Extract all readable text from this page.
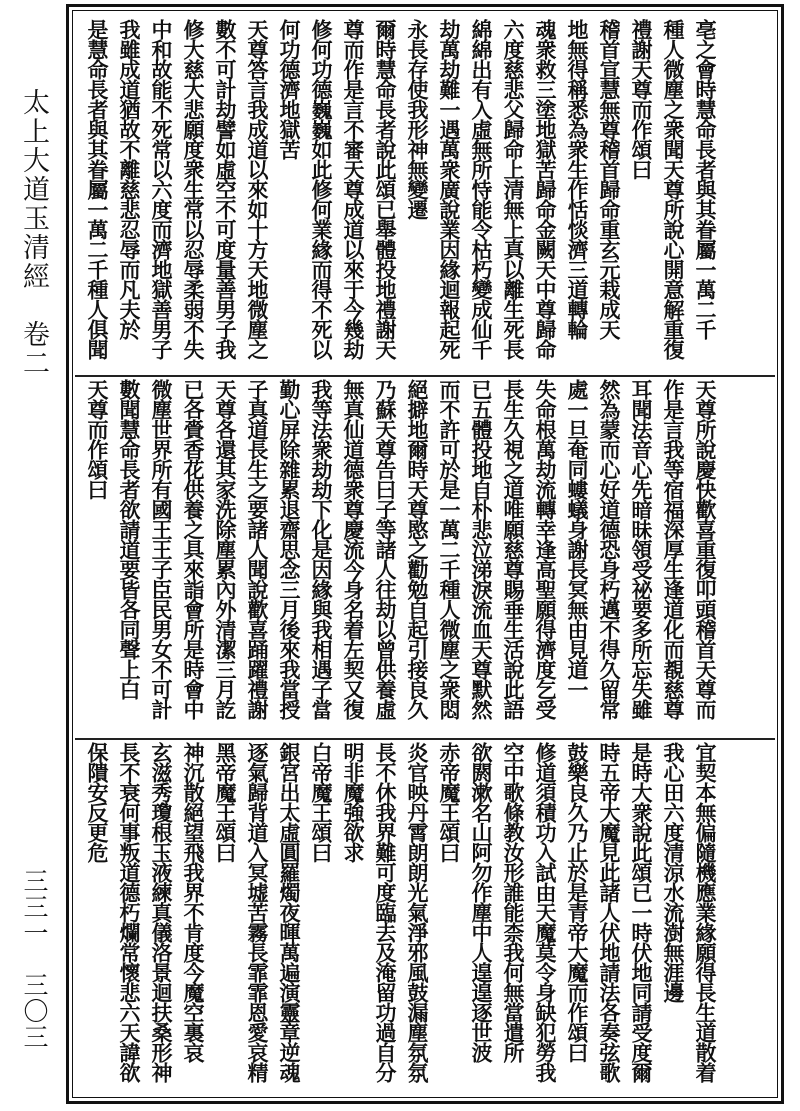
太上大道玉清經　卷二
三三一　三〇三
亳之會時慧命長者與其眷屬一萬二千
種人微塵之衆聞天尊所說心開意解重復
禮謝天尊而作頌曰
稽首宣慧無尊稽首歸命重玄元栽成天
地無得稱悉為衆生作恬惔濟三道轉輪
魂衆救三塗地獄苦歸命金闕天中尊歸命
六度慈悲父歸命上清無上真以離生死長
綿綿出有入虛無所恃能令枯朽變成仙千
劫萬劫難一遇萬衆廣說業因緣迴報起死
永長存使我形神無變遷
爾時慧命長者說此頌已舉體投地禮謝天
尊而作是言不審天尊成道以來于今幾劫
修何功德巍巍如此修何業緣而得不死以
何功德濟地獄苦
天尊答言我成道以來如十方天地微塵之
數不可計劫譬如虛空不可度量善男子我
修大慈大悲願度衆生常以忍辱柔弱不失
中和故能不死常以六度而濟地獄善男子
我雖成道猶故不離慈悲忍辱而凡夫於
是慧命長者與其眷屬一萬二千種人俱聞
天尊所說慶快歡喜重復叩頭稽首天尊而
作是言我等宿福深厚生逢道化而覩慈尊
耳聞法音心先暗昧領受祕要多所忘失雖
然為蒙而心好道德恐身朽邁不得久留常
處一旦奄同螻蟻身謝長冥無由見道一
失命根萬劫流轉幸逢高聖願得濟度乞受
長生久視之道唯願慈尊賜垂生活說此語
已五體投地自朴悲泣涕淚流血天尊默然
而不許可於是一萬二千種人微塵之衆悶
絕擗地爾時天尊愍之勸勉自起引接良久
乃蘇天尊告曰子等諸人往劫以曾供養虛
無真仙道德衆尊慶流今身名着左契又復
我等法衆劫劫下化是因緣與我相遇子當
勤心屏除雜累退齋思念三月後來我當授
子真道長生之要諸人聞說歡喜踊躍禮謝
天尊各還其家洗除塵累內外清潔三月訖
已各賫香花供養之具來詣會所是時會中
微塵世界所有國王王子臣民男女不可計
數聞慧命長者欲請道要皆各同聲上白
天尊而作頌曰
宜契本無偏隨機應業緣願得長生道散着
我心田六度清涼水流澍無涯邊
是時大衆說此頌已一時伏地同請受度爾
時五帝大魔見此諸人伏地請法各奏弦歌
鼓樂良久乃止於是青帝大魔而作頌曰
修道須積功入試由天魔莫令身缺犯勞我
空中歌條教汝形誰能柰我何無當遣所
欲閼漱名山阿勿作塵中人遑遑逐世波
赤帝魔王頌曰
炎官映丹霄朗朗光氣淨邪風鼓漏塵氛氛
長不休我界難可度臨去及淹留功過自分
明非魔強欲求
白帝魔王頌曰
銀宮出太虛圓羅燭夜暉萬遍演靈章逆魂
逐氣歸背道入冥墟苦霧長霏霏恩愛哀精
黑帝魔王頌曰
神沉散絕望飛我界不肯度今魔空裏哀
玄滋秀瓊根玉液練真儀洛景迴扶桑形神
長不衰何事叛道德朽爛常懷悲六天諱欲
保隤安反更危
